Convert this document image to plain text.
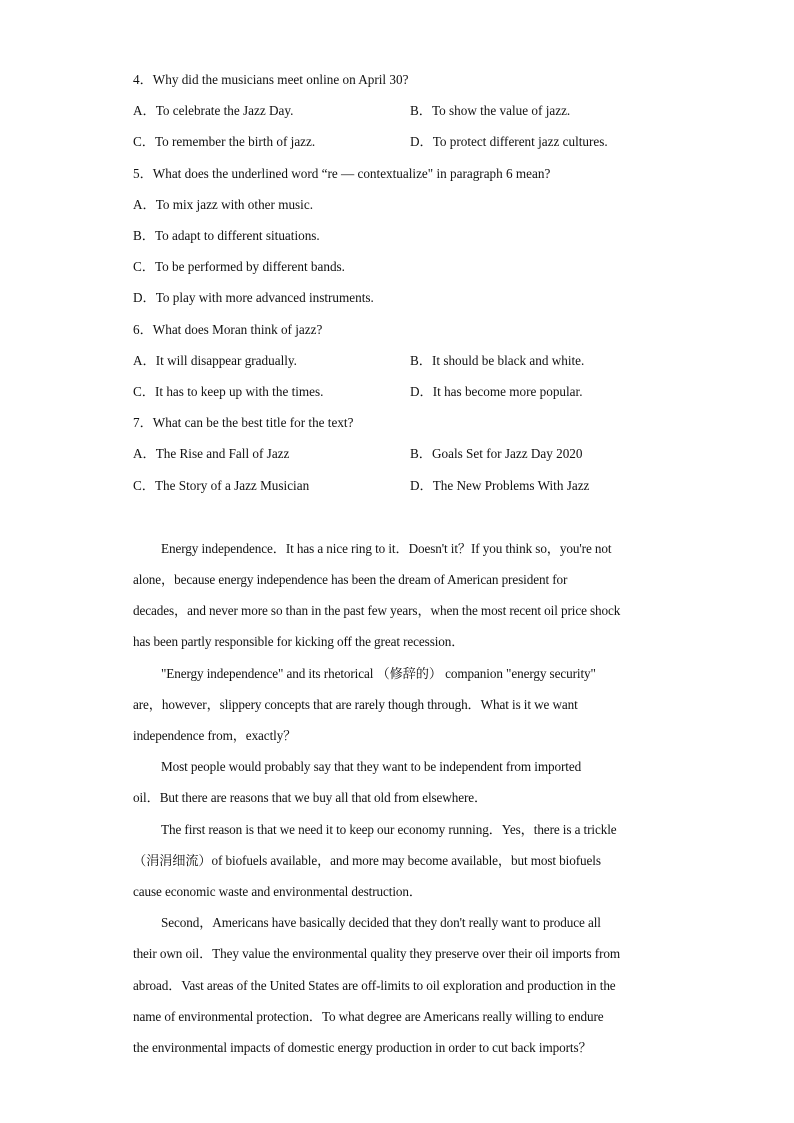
4．Why did the musicians meet online on April 30?
A．To celebrate the Jazz Day.	B．To show the value of jazz.
C．To remember the birth of jazz.	D．To protect different jazz cultures.
5．What does the underlined word “re — contextualize" in paragraph 6 mean?
A．To mix jazz with other music.
B．To adapt to different situations.
C．To be performed by different bands.
D．To play with more advanced instruments.
6．What does Moran think of jazz?
A．It will disappear gradually.	B．It should be black and white.
C．It has to keep up with the times.	D．It has become more popular.
7．What can be the best title for the text?
A．The Rise and Fall of Jazz	B．Goals Set for Jazz Day 2020
C．The Story of a Jazz Musician	D．The New Problems With Jazz
Energy independence．It has a nice ring to it．Doesn't it？If you think so，you're not
alone，because energy independence has been the dream of American president for
decades，and never more so than in the past few years，when the most recent oil price shock
has been partly responsible for kicking off the great recession．
"Energy independence" and its rhetorical （修辞的） companion "energy security"
are，however，slippery concepts that are rarely though through．What is it we want
independence from，exactly？
Most people would probably say that they want to be independent from imported
oil．But there are reasons that we buy all that old from elsewhere．
The first reason is that we need it to keep our economy running．Yes，there is a trickle
（涓涓细流）of biofuels available，and more may become available，but most biofuels
cause economic waste and environmental destruction．
Second，Americans have basically decided that they don't really want to produce all
their own oil．They value the environmental quality they preserve over their oil imports from
abroad．Vast areas of the United States are off-limits to oil exploration and production in the
name of environmental protection．To what degree are Americans really willing to endure
the environmental impacts of domestic energy production in order to cut back imports？
